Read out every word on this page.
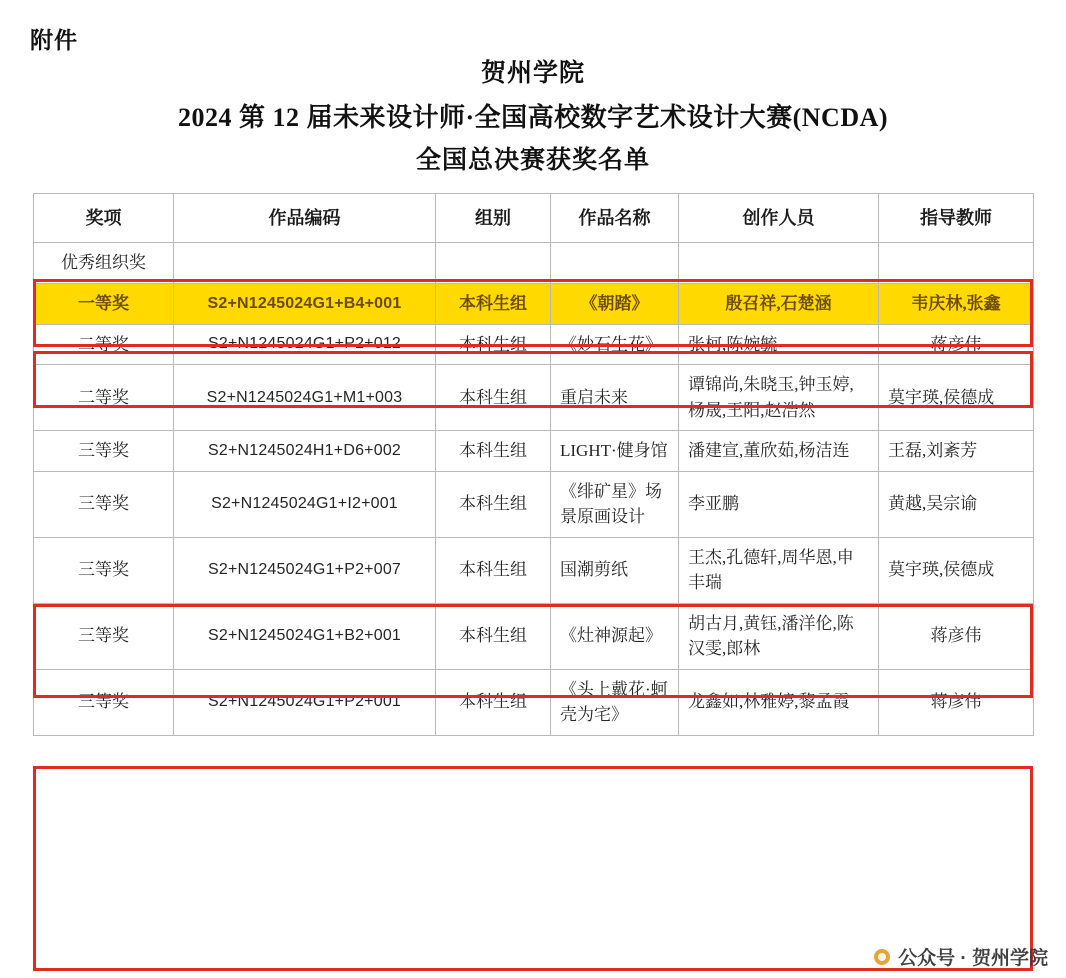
附件
贺州学院
2024 第 12 届未来设计师·全国高校数字艺术设计大赛(NCDA)
全国总决赛获奖名单
奖项	作品编码	组别	作品名称	创作人员	指导教师
优秀组织奖					
一等奖	S2+N1245024G1+B4+001	本科生组	《朝踏》	殷召祥,石楚涵	韦庆林,张鑫
二等奖	S2+N1245024G1+P2+012	本科生组	《妙石生花》	张柯,陈婉毓	蒋彦伟
二等奖	S2+N1245024G1+M1+003	本科生组	重启未来	谭锦尚,朱晓玉,钟玉婷,杨晟,王阳,赵浩然	莫宇瑛,侯德成
三等奖	S2+N1245024H1+D6+002	本科生组	LIGHT·健身馆	潘建宣,董欣茹,杨洁连	王磊,刘紊芳
三等奖	S2+N1245024G1+I2+001	本科生组	《绯矿星》场景原画设计	李亚鹏	黄越,吴宗谕
三等奖	S2+N1245024G1+P2+007	本科生组	国潮剪纸	王杰,孔德轩,周华恩,申丰瑞	莫宇瑛,侯德成
三等奖	S2+N1245024G1+B2+001	本科生组	《灶神源起》	胡古月,黄钰,潘洋伦,陈汉雯,郎林	蒋彦伟
三等奖	S2+N1245024G1+P2+001	本科生组	《头上戴花·蚵壳为宅》	龙鑫如,林雅婷,黎孟霞	蒋彦伟
公众号 · 贺州学院
